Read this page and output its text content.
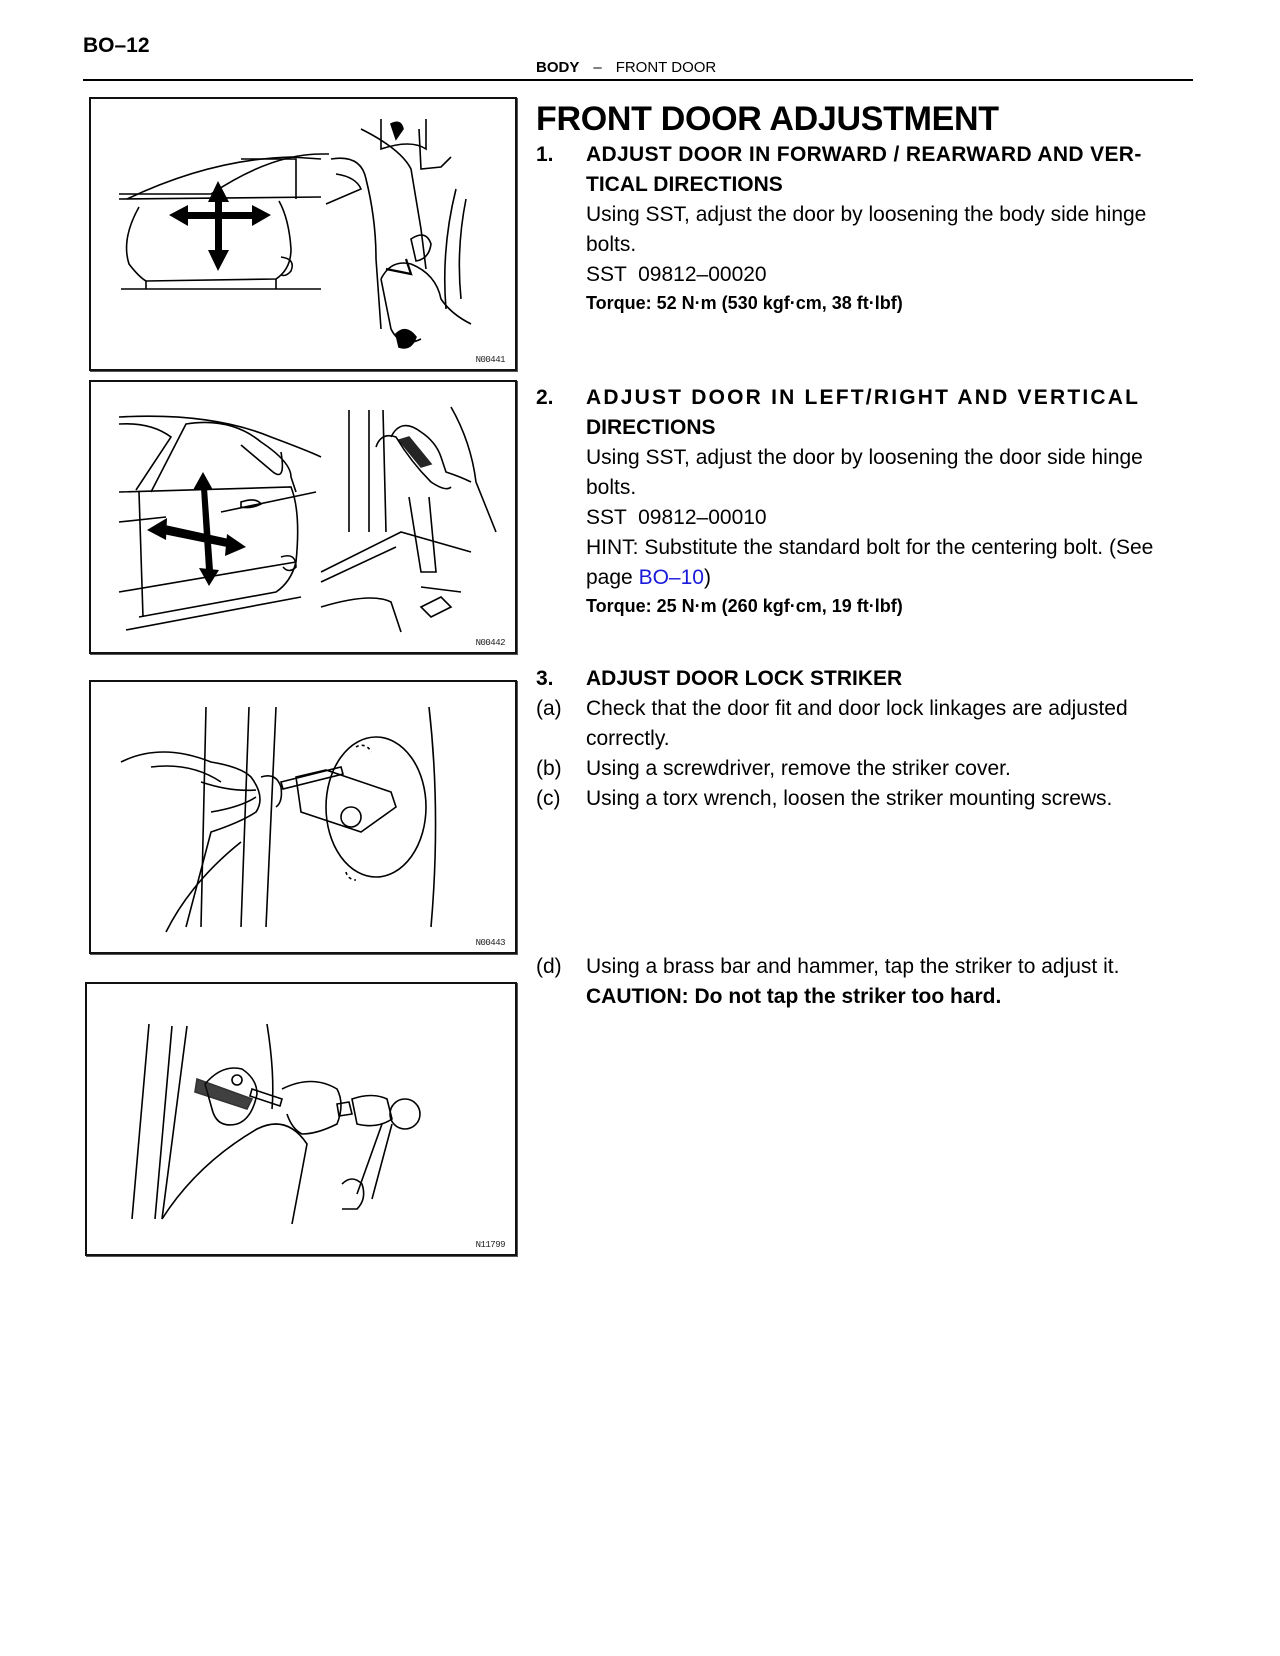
BO–12
BODY – FRONT DOOR
N00441
N00442
N00443
N11799
FRONT DOOR ADJUSTMENT
1.	ADJUST DOOR IN FORWARD / REARWARD AND VER-
TICAL DIRECTIONS
Using SST, adjust the door by loosening the body side hinge
bolts.
SST  09812–00020
Torque: 52 N·m (530 kgf·cm, 38 ft·lbf)
2.	ADJUST DOOR IN LEFT/RIGHT AND VERTICAL
DIRECTIONS
Using SST, adjust the door by loosening the door side hinge
bolts.
SST  09812–00010
HINT: Substitute the standard bolt for the centering bolt. (See
page BO–10)
Torque: 25 N·m (260 kgf·cm, 19 ft·lbf)
3.	ADJUST DOOR LOCK STRIKER
(a)	Check that the door fit and door lock linkages are adjusted
correctly.
(b)	Using a screwdriver, remove the striker cover.
(c)	Using a torx wrench, loosen the striker mounting screws.
(d)	Using a brass bar and hammer, tap the striker to adjust it.
CAUTION: Do not tap the striker too hard.
